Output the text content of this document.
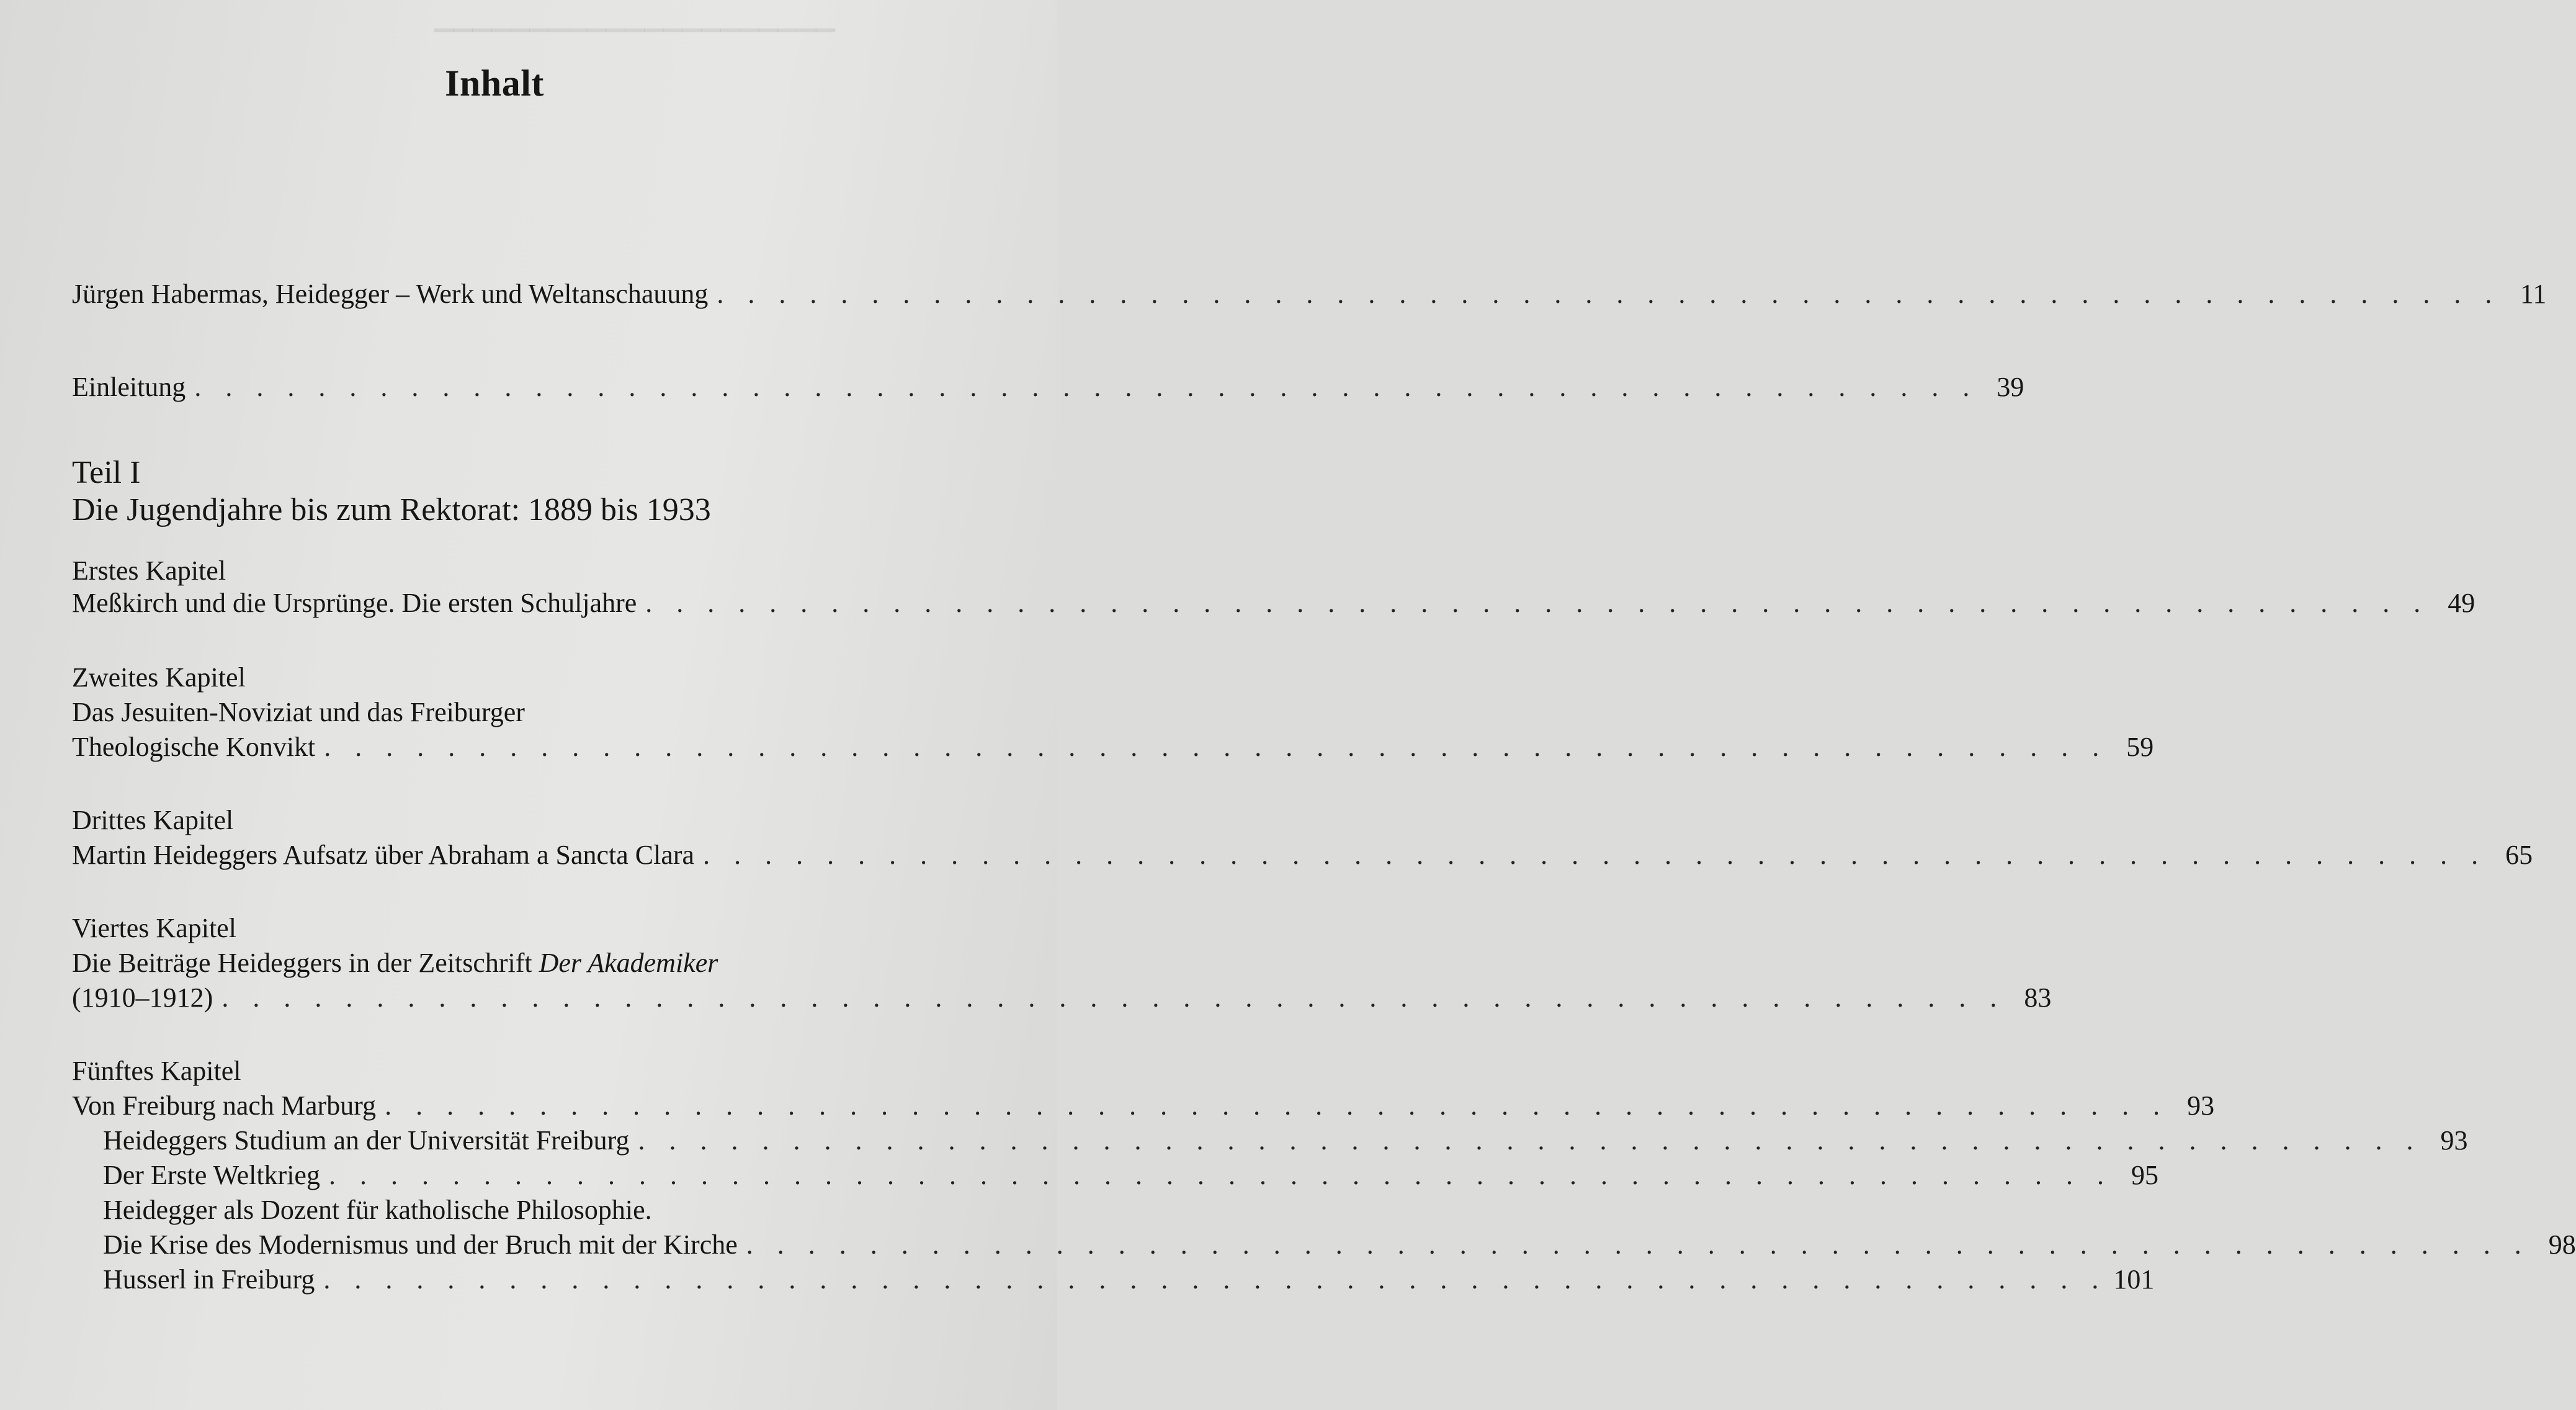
▁▁▁▁▁▁▁▁▁▁▁▁▁▁▁▁▁▁▁▁▁
Inhalt
Jürgen Habermas, Heidegger – Werk und Weltanschauung . . . . . . . . . . . . . . . . . . . . . . . . . . . . . . . . . . . . . . . . . . . . . . . . . . . . . . . . . . 11
Einleitung . . . . . . . . . . . . . . . . . . . . . . . . . . . . . . . . . . . . . . . . . . . . . . . . . . . . . . . . . . 39
Teil I
Die Jugendjahre bis zum Rektorat: 1889 bis 1933
Erstes Kapitel
Meßkirch und die Ursprünge. Die ersten Schuljahre . . . . . . . . . . . . . . . . . . . . . . . . . . . . . . . . . . . . . . . . . . . . . . . . . . . . . . . . . . 49
Zweites Kapitel
Das Jesuiten-Noviziat und das Freiburger
Theologische Konvikt . . . . . . . . . . . . . . . . . . . . . . . . . . . . . . . . . . . . . . . . . . . . . . . . . . . . . . . . . . 59
Drittes Kapitel
Martin Heideggers Aufsatz über Abraham a Sancta Clara . . . . . . . . . . . . . . . . . . . . . . . . . . . . . . . . . . . . . . . . . . . . . . . . . . . . . . . . . . 65
Viertes Kapitel
Die Beiträge Heideggers in der Zeitschrift Der Akademiker
(1910–1912) . . . . . . . . . . . . . . . . . . . . . . . . . . . . . . . . . . . . . . . . . . . . . . . . . . . . . . . . . . 83
Fünftes Kapitel
Von Freiburg nach Marburg . . . . . . . . . . . . . . . . . . . . . . . . . . . . . . . . . . . . . . . . . . . . . . . . . . . . . . . . . . 93
Heideggers Studium an der Universität Freiburg . . . . . . . . . . . . . . . . . . . . . . . . . . . . . . . . . . . . . . . . . . . . . . . . . . . . . . . . . . 93
Der Erste Weltkrieg . . . . . . . . . . . . . . . . . . . . . . . . . . . . . . . . . . . . . . . . . . . . . . . . . . . . . . . . . . 95
Heidegger als Dozent für katholische Philosophie.
Die Krise des Modernismus und der Bruch mit der Kirche . . . . . . . . . . . . . . . . . . . . . . . . . . . . . . . . . . . . . . . . . . . . . . . . . . . . . . . . . . 98
Husserl in Freiburg . . . . . . . . . . . . . . . . . . . . . . . . . . . . . . . . . . . . . . . . . . . . . . . . . . . . . . . . . . 101
